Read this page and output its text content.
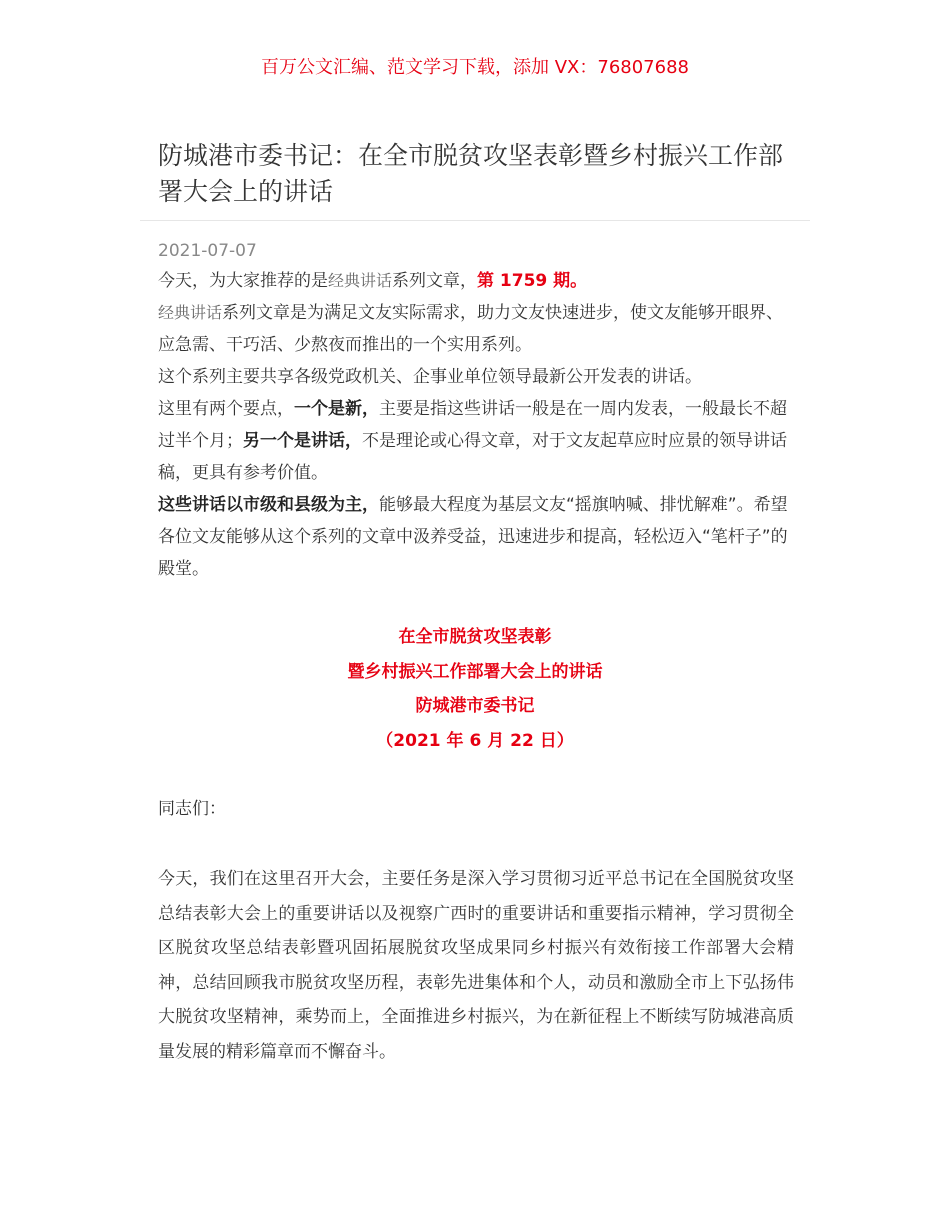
百万公文汇编、范文学习下载，添加 VX：76807688
防城港市委书记：在全市脱贫攻坚表彰暨乡村振兴工作部署大会上的讲话
2021-07-07

今天，为大家推荐的是经典讲话系列文章，第 1759 期。

经典讲话系列文章是为满足文友实际需求，助力文友快速进步，使文友能够开眼界、应急需、干巧活、少熬夜而推出的一个实用系列。

这个系列主要共享各级党政机关、企事业单位领导最新公开发表的讲话。

这里有两个要点，一个是新，主要是指这些讲话一般是在一周内发表，一般最长不超过半个月；另一个是讲话，不是理论或心得文章，对于文友起草应时应景的领导讲话稿，更具有参考价值。

这些讲话以市级和县级为主，能够最大程度为基层文友“摇旗呐喊、排忧解难”。希望各位文友能够从这个系列的文章中汲养受益，迅速进步和提高，轻松迈入“笔杆子”的殿堂。

在全市脱贫攻坚表彰
暨乡村振兴工作部署大会上的讲话
防城港市委书记
（2021 年 6 月 22 日）
同志们：

今天，我们在这里召开大会，主要任务是深入学习贯彻习近平总书记在全国脱贫攻坚总结表彰大会上的重要讲话以及视察广西时的重要讲话和重要指示精神，学习贯彻全区脱贫攻坚总结表彰暨巩固拓展脱贫攻坚成果同乡村振兴有效衔接工作部署大会精神，总结回顾我市脱贫攻坚历程，表彰先进集体和个人，动员和激励全市上下弘扬伟大脱贫攻坚精神，乘势而上，全面推进乡村振兴，为在新征程上不断续写防城港高质量发展的精彩篇章而不懈奋斗。
